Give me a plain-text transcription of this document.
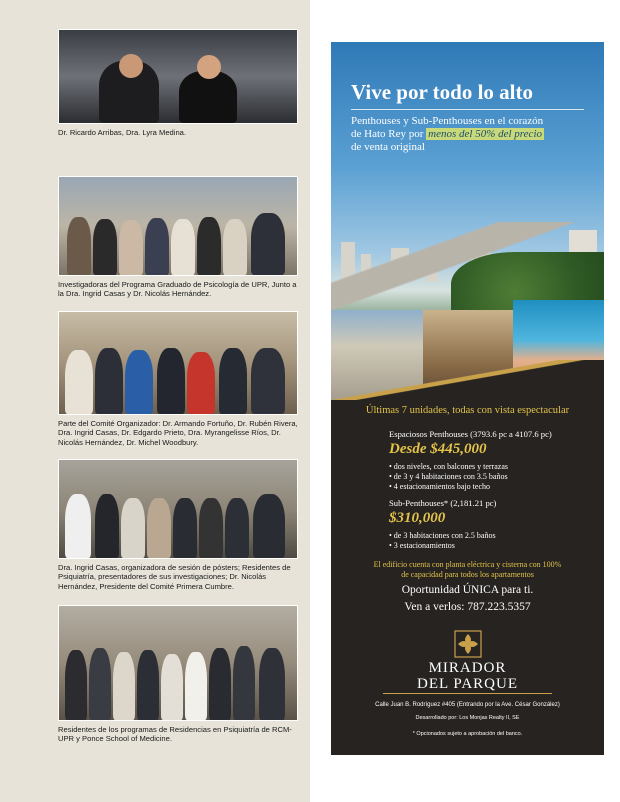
Dr. Ricardo Arribas, Dra. Lyra Medina.

Investigadoras del Programa Graduado de Psicología de UPR, Junto a la Dra. Ingrid Casas y Dr. Nicolás Hernández.

Parte del Comité Organizador: Dr. Armando Fortuño, Dr. Rubén Rivera, Dra. Ingrid Casas, Dr. Edgardo Prieto, Dra. Myrangelisse Ríos, Dr. Nicolás Hernández, Dr. Michel Woodbury.

Dra. Ingrid Casas, organizadora de sesión de pósters; Residentes de Psiquiatría, presentadores de sus investigaciones; Dr. Nicolás Hernández, Presidente del Comité Primera Cumbre.

Residentes de los programas de Residencias en Psiquiatría de RCM-UPR y Ponce School of Medicine.

Vive por todo lo alto

Penthouses y Sub-Penthouses en el corazón
de Hato Rey por menos del 50% del precio
de venta original

Últimas 7 unidades, todas con vista espectacular

Espaciosos Penthouses (3793.6 pc a 4107.6 pc)

Desde $445,000

• dos niveles, con balcones y terrazas

• de 3 y 4 habitaciones con 3.5 baños

• 4 estacionamientos bajo techo

Sub-Penthouses* (2,181.21 pc)

$310,000

• de 3 habitaciones con 2.5 baños

• 3 estacionamientos

El edificio cuenta con planta eléctrica y cisterna con 100%
de capacidad para todos los apartamentos

Oportunidad ÚNICA para ti.

Ven a verlos: 787.223.5357

MIRADOR
DEL PARQUE

Calle Juan B. Rodríguez #405 (Entrando por la Ave. César González)

Desarrollado por: Los Monjas Realty II, SE

* Opcionados sujeto a aprobación del banco.
